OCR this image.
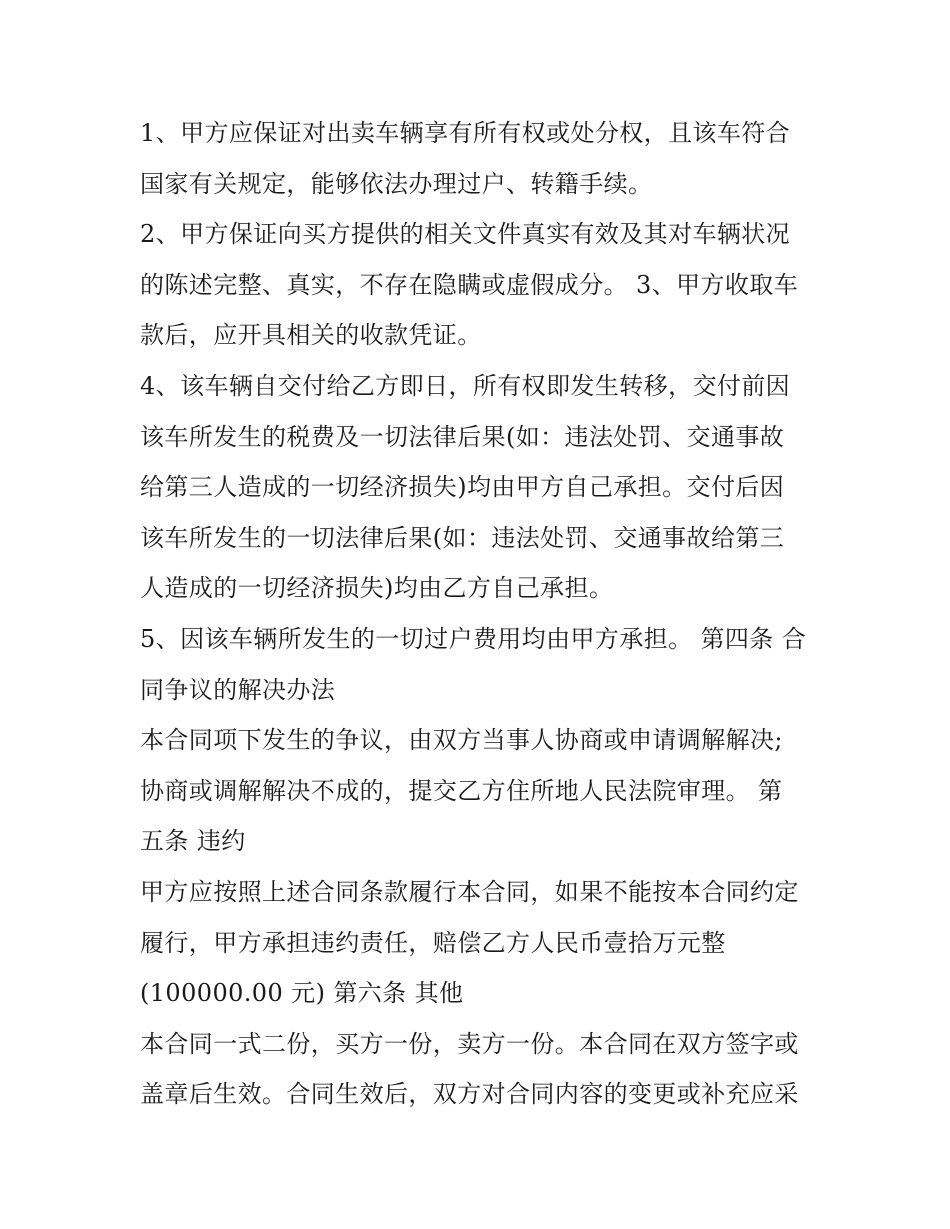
1、甲方应保证对出卖车辆享有所有权或处分权，且该车符合
国家有关规定，能够依法办理过户、转籍手续。
2、甲方保证向买方提供的相关文件真实有效及其对车辆状况
的陈述完整、真实，不存在隐瞒或虚假成分。 3、甲方收取车
款后，应开具相关的收款凭证。
4、该车辆自交付给乙方即日，所有权即发生转移，交付前因
该车所发生的税费及一切法律后果(如：违法处罚、交通事故
给第三人造成的一切经济损失)均由甲方自己承担。交付后因
该车所发生的一切法律后果(如：违法处罚、交通事故给第三
人造成的一切经济损失)均由乙方自己承担。
5、因该车辆所发生的一切过户费用均由甲方承担。 第四条 合
同争议的解决办法
本合同项下发生的争议，由双方当事人协商或申请调解解决;
协商或调解解决不成的，提交乙方住所地人民法院审理。 第
五条 违约
甲方应按照上述合同条款履行本合同，如果不能按本合同约定
履行，甲方承担违约责任，赔偿乙方人民币壹拾万元整
(100000.00 元) 第六条 其他
本合同一式二份，买方一份，卖方一份。本合同在双方签字或
盖章后生效。合同生效后，双方对合同内容的变更或补充应采
